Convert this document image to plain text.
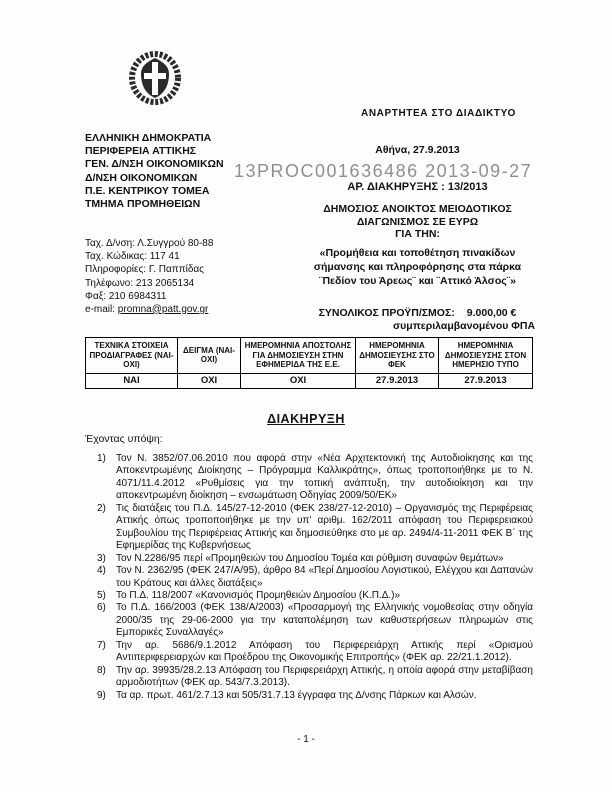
ΑΝΑΡΤΗΤΕΑ ΣΤΟ ΔΙΑΔΙΚΤΥΟ
13PROC001636486 2013-09-27
ΕΛΛΗΝΙΚΗ ΔΗΜΟΚΡΑΤΙΑ
ΠΕΡΙΦΕΡΕΙΑ ΑΤΤΙΚΗΣ
ΓΕΝ. Δ/ΝΣΗ ΟΙΚΟΝΟΜΙΚΩΝ
Δ/ΝΣΗ ΟΙΚΟΝΟΜΙΚΩΝ
Π.Ε. ΚΕΝΤΡΙΚΟΥ ΤΟΜΕΑ
ΤΜΗΜΑ ΠΡΟΜΗΘΕΙΩΝ
Ταχ. Δ/νση: Λ.Συγγρού 80-88
Ταχ. Κώδικας: 117 41
Πληροφορίες: Γ. Παππίδας
Τηλέφωνο: 213 2065134
Φαξ: 210 6984311
e-mail: promna@patt.gov.gr
Αθήνα, 27.9.2013
ΑΡ. ΔΙΑΚΗΡΥΞΗΣ : 13/2013
ΔΗΜΟΣΙΟΣ ΑΝΟΙΚΤΟΣ ΜΕΙΟΔΟΤΙΚΟΣ ΔΙΑΓΩΝΙΣΜΟΣ ΣΕ ΕΥΡΩ
ΓΙΑ ΤΗΝ:
«Προμήθεια και τοποθέτηση πινακίδων σήμανσης και πληροφόρησης στα πάρκα ¨Πεδίον του Άρεως¨ και ¨Αττικό Άλσος¨»
ΣΥΝΟΛΙΚΟΣ ΠΡΟΫΠ/ΣΜΟΣ: 9.000,00 €
συμπεριλαμβανομένου ΦΠΑ
ΤΕΧΝΙΚΑ ΣΤΟΙΧΕΙΑ ΠΡΟΔΙΑΓΡΑΦΕΣ (ΝΑΙ-ΟΧΙ)	ΔΕΙΓΜΑ (ΝΑΙ-ΟΧΙ)	ΗΜΕΡΟΜΗΝΙΑ ΑΠΟΣΤΟΛΗΣ ΓΙΑ ΔΗΜΟΣΙΕΥΣΗ ΣΤΗΝ ΕΦΗΜΕΡΙΔΑ ΤΗΣ Ε.Ε.	ΗΜΕΡΟΜΗΝΙΑ ΔΗΜΟΣΙΕΥΣΗΣ ΣΤΟ ΦΕΚ	ΗΜΕΡΟΜΗΝΙΑ ΔΗΜΟΣΙΕΥΣΗΣ ΣΤΟΝ ΗΜΕΡΗΣΙΟ ΤΥΠΟ
ΝΑΙ	ΟΧΙ	ΟΧΙ	27.9.2013	27.9.2013
ΔΙΑΚΗΡΥΞΗ
Έχοντας υπόψη:
1)	Τον Ν. 3852/07.06.2010 που αφορά στην «Νέα Αρχιτεκτονική της Αυτοδιοίκησης και της Αποκεντρωμένης Διοίκησης – Πρόγραμμα Καλλικράτης», όπως τροποποιήθηκε με το Ν. 4071/11.4.2012 «Ρυθμίσεις για την τοπική ανάπτυξη, την αυτοδιοίκηση και την αποκεντρωμένη διοίκηση – ενσωμάτωση Οδηγίας 2009/50/ΕΚ»
2)	Τις διατάξεις του Π.Δ. 145/27-12-2010 (ΦΕΚ 238/27-12-2010) – Οργανισμός της Περιφέρειας Αττικής όπως τροποποιήθηκε με την υπ' αριθμ. 162/2011 απόφαση του Περιφερειακού Συμβουλίου της Περιφέρειας Αττικής και δημοσιεύθηκε στο με αρ. 2494/4-11-2011 ΦΕΚ Β΄ της Εφημερίδας της Κυβερνήσεως
3)	Τον Ν.2286/95 περί «Προμηθειών του Δημοσίου Τομέα και ρύθμιση συναφών θεμάτων»
4)	Τον Ν. 2362/95 (ΦΕΚ 247/Α/95), άρθρο 84 «Περί Δημοσίου Λογιστικού, Ελέγχου και Δαπανών του Κράτους και άλλες διατάξεις»
5)	Το Π.Δ. 118/2007 «Κανονισμός Προμηθειών Δημοσίου (Κ.Π.Δ.)»
6)	Το Π.Δ. 166/2003 (ΦΕΚ 138/Α/2003) «Προσαρμογή της Ελληνικής νομοθεσίας στην οδηγία 2000/35 της 29-06-2000 για την καταπολέμηση των καθυστερήσεων πληρωμών στις Εμπορικές Συναλλαγές»
7)	Την αρ. 5686/9.1.2012 Απόφαση του Περιφερειάρχη Αττικής περί «Ορισμού Αντιπεριφερειαρχών και Προέδρου της Οικονομικής Επιτροπής» (ΦΕΚ αρ. 22/21.1.2012).
8)	Την αρ. 39935/28.2.13 Απόφαση του Περιφερειάρχη Αττικής, η οποία αφορά στην μεταβίβαση αρμοδιοτήτων (ΦΕΚ αρ. 543/7.3.2013).
9)	Τα αρ. πρωτ. 461/2.7.13 και 505/31.7.13 έγγραφα της Δ/νσης Πάρκων και Αλσών.
- 1 -
